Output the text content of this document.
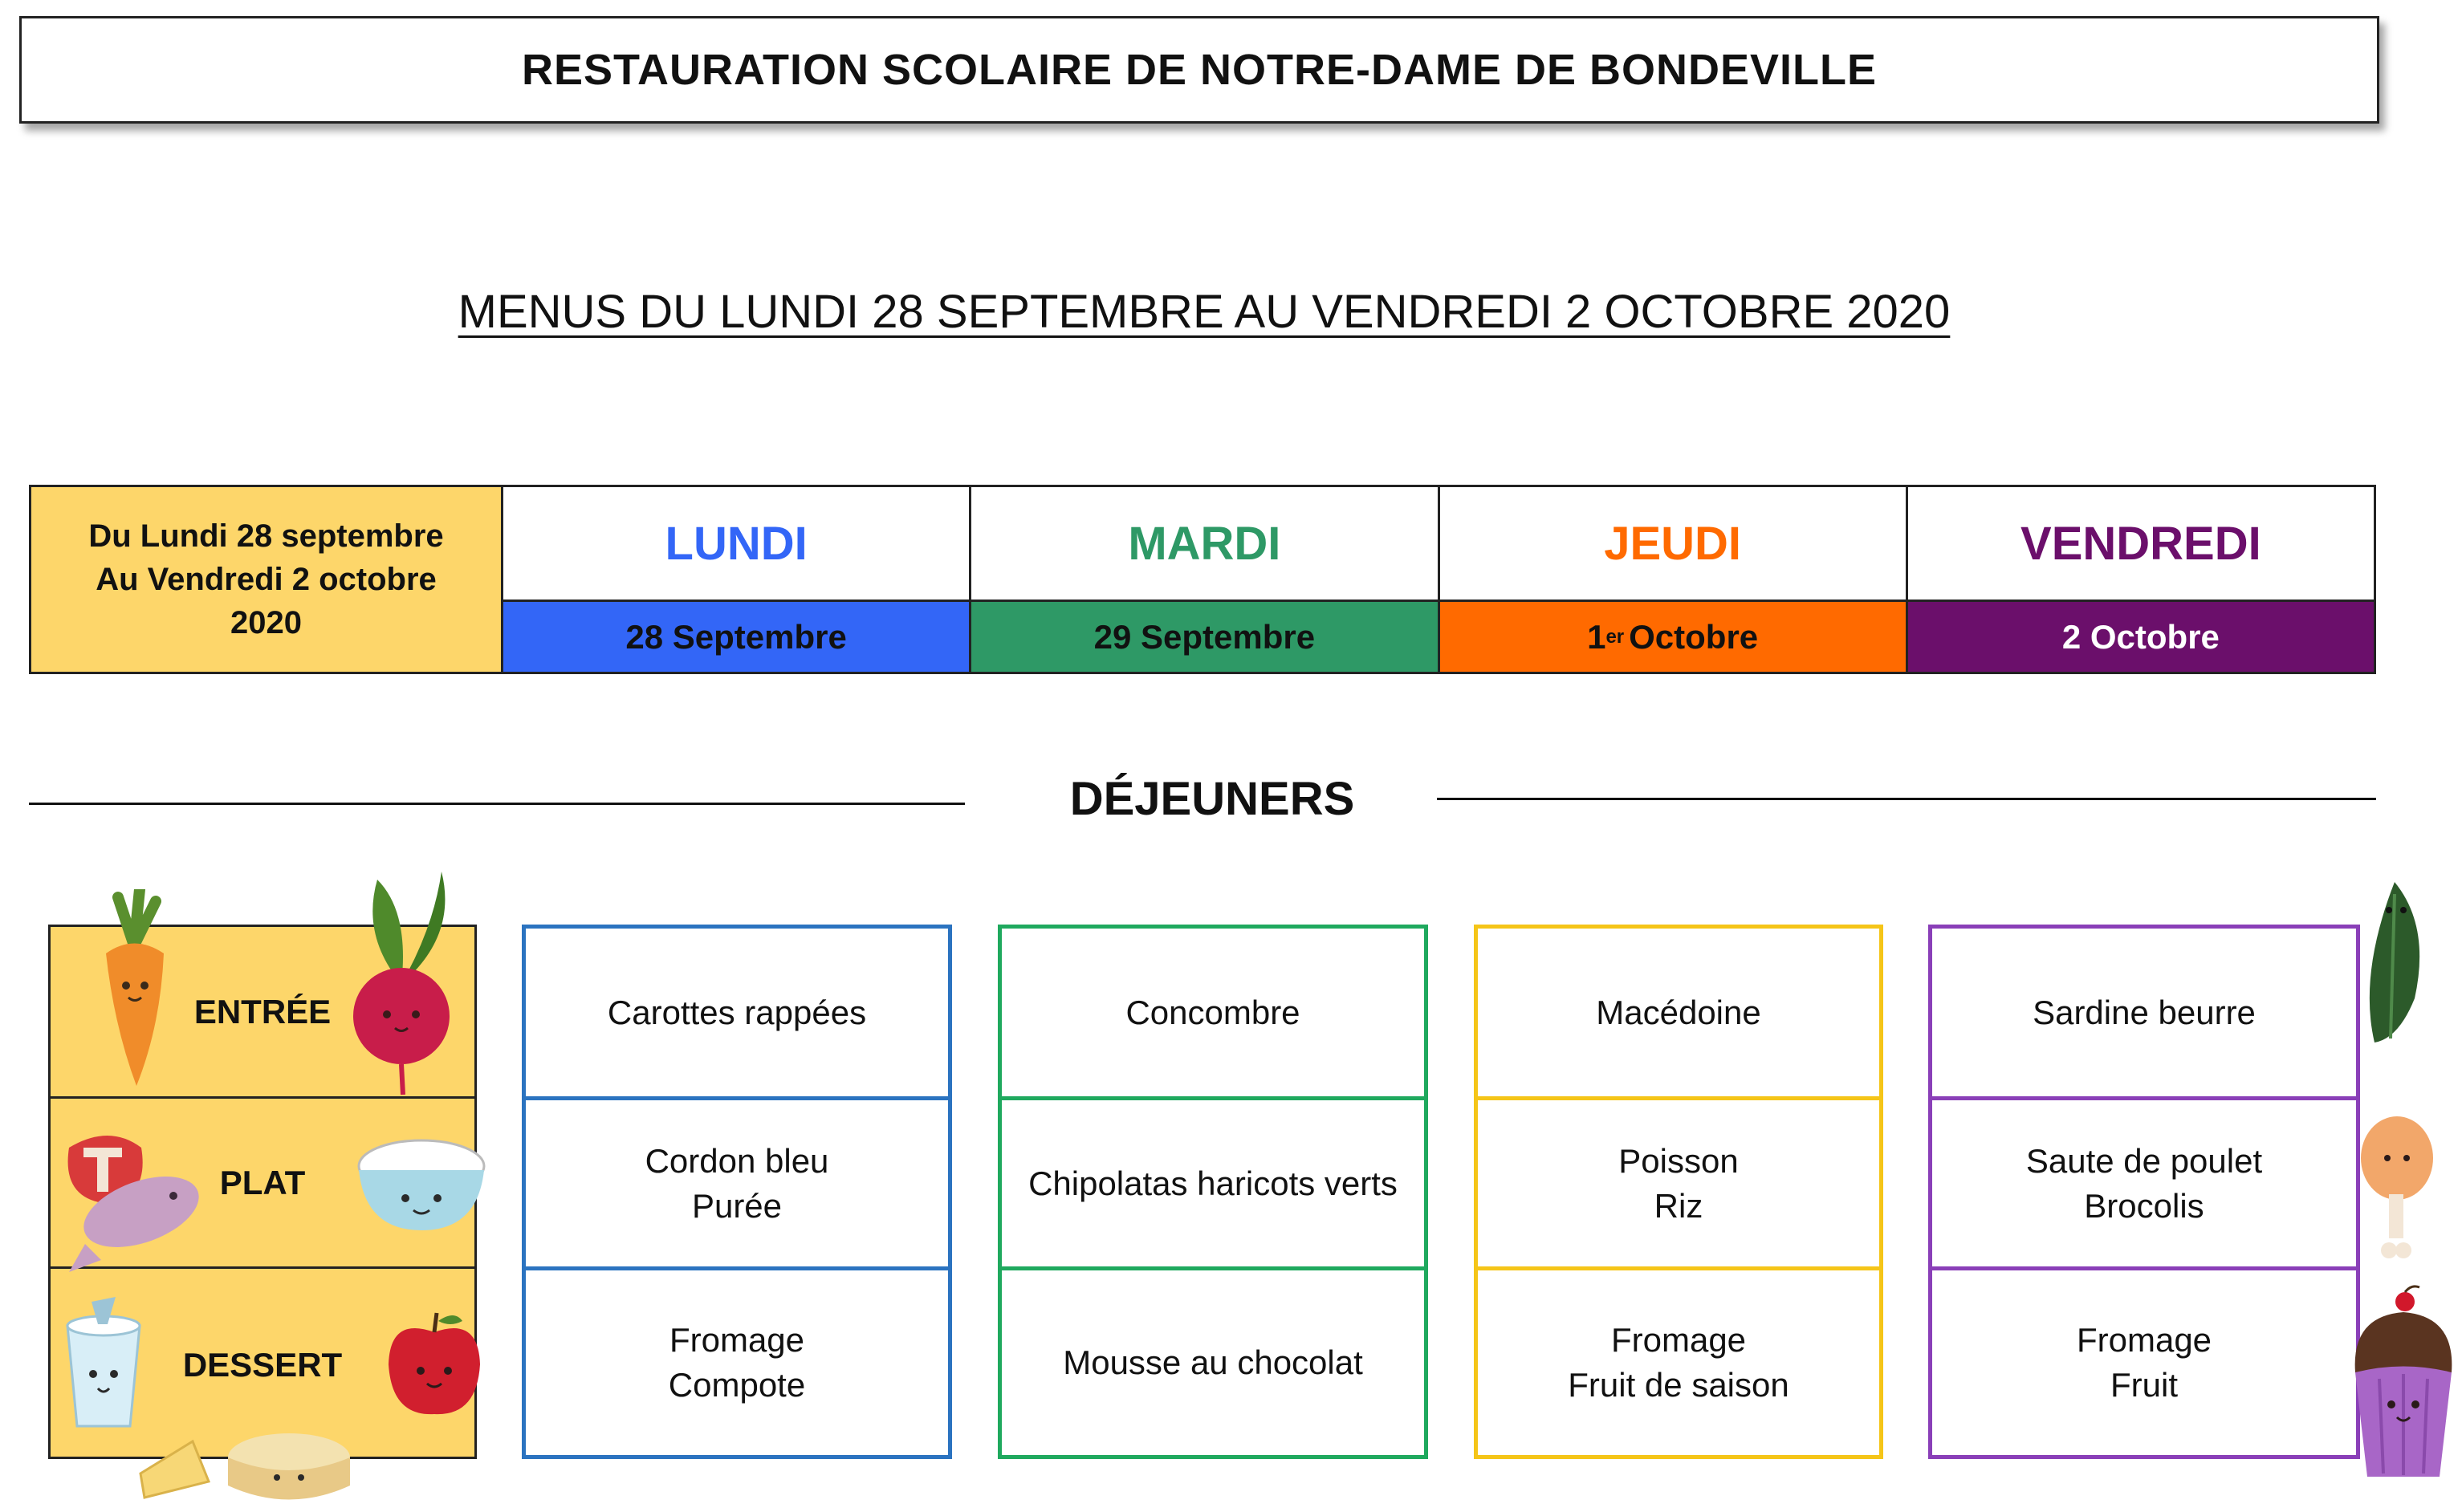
RESTAURATION SCOLAIRE DE NOTRE-DAME DE BONDEVILLE
MENUS DU LUNDI 28 SEPTEMBRE AU VENDREDI 2 OCTOBRE 2020
Du Lundi 28 septembre
Au Vendredi 2 octobre
2020
LUNDI
28 Septembre
MARDI
29 Septembre
JEUDI
1 er Octobre
VENDREDI
2 Octobre
DÉJEUNERS
ENTRÉE
PLAT
DESSERT
Carottes rappées
Cordon bleu
Purée
Fromage
Compote
Concombre
Chipolatas haricots verts
Mousse au chocolat
Macédoine
Poisson
Riz
Fromage
Fruit de saison
Sardine beurre
Saute de poulet
Brocolis
Fromage
Fruit
